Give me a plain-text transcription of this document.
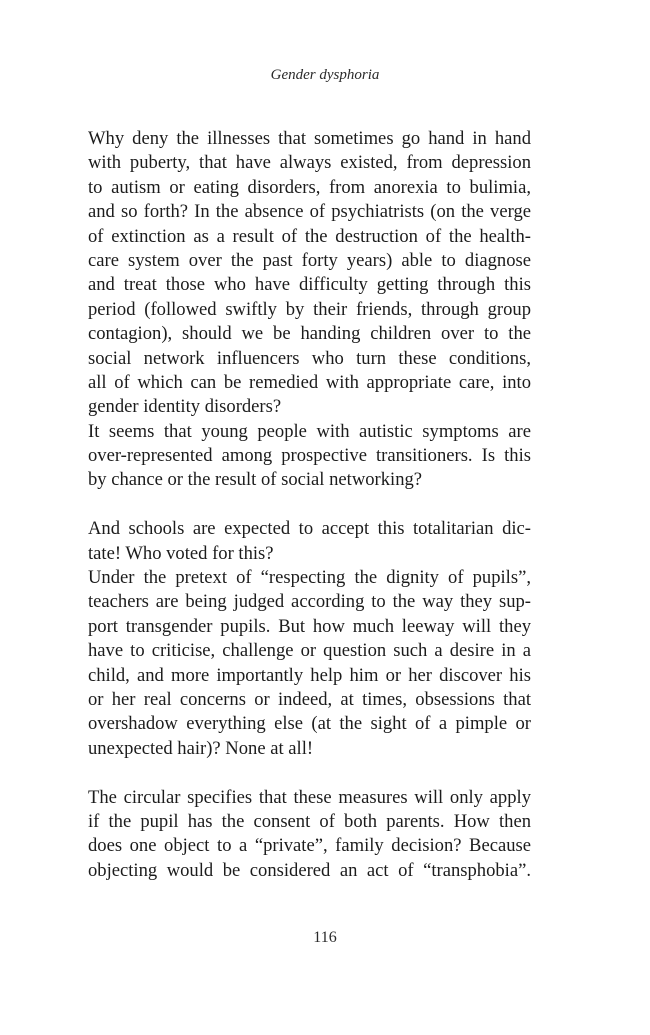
Gender dysphoria
Why deny the illnesses that sometimes go hand in hand
with puberty, that have always existed, from depression
to autism or eating disorders, from anorexia to bulimia,
and so forth? In the absence of psychiatrists (on the verge
of extinction as a result of the destruction of the health-
care system over the past forty years) able to diagnose
and treat those who have difficulty getting through this
period (followed swiftly by their friends, through group
contagion), should we be handing children over to the
social network influencers who turn these conditions,
all of which can be remedied with appropriate care, into
gender identity disorders?
It seems that young people with autistic symptoms are
over-represented among prospective transitioners. Is this
by chance or the result of social networking?
And schools are expected to accept this totalitarian dic-
tate! Who voted for this?
Under the pretext of “respecting the dignity of pupils”,
teachers are being judged according to the way they sup-
port transgender pupils. But how much leeway will they
have to criticise, challenge or question such a desire in a
child, and more importantly help him or her discover his
or her real concerns or indeed, at times, obsessions that
overshadow everything else (at the sight of a pimple or
unexpected hair)? None at all!
The circular specifies that these measures will only apply
if the pupil has the consent of both parents. How then
does one object to a “private”, family decision? Because
objecting would be considered an act of “transphobia”.
116
